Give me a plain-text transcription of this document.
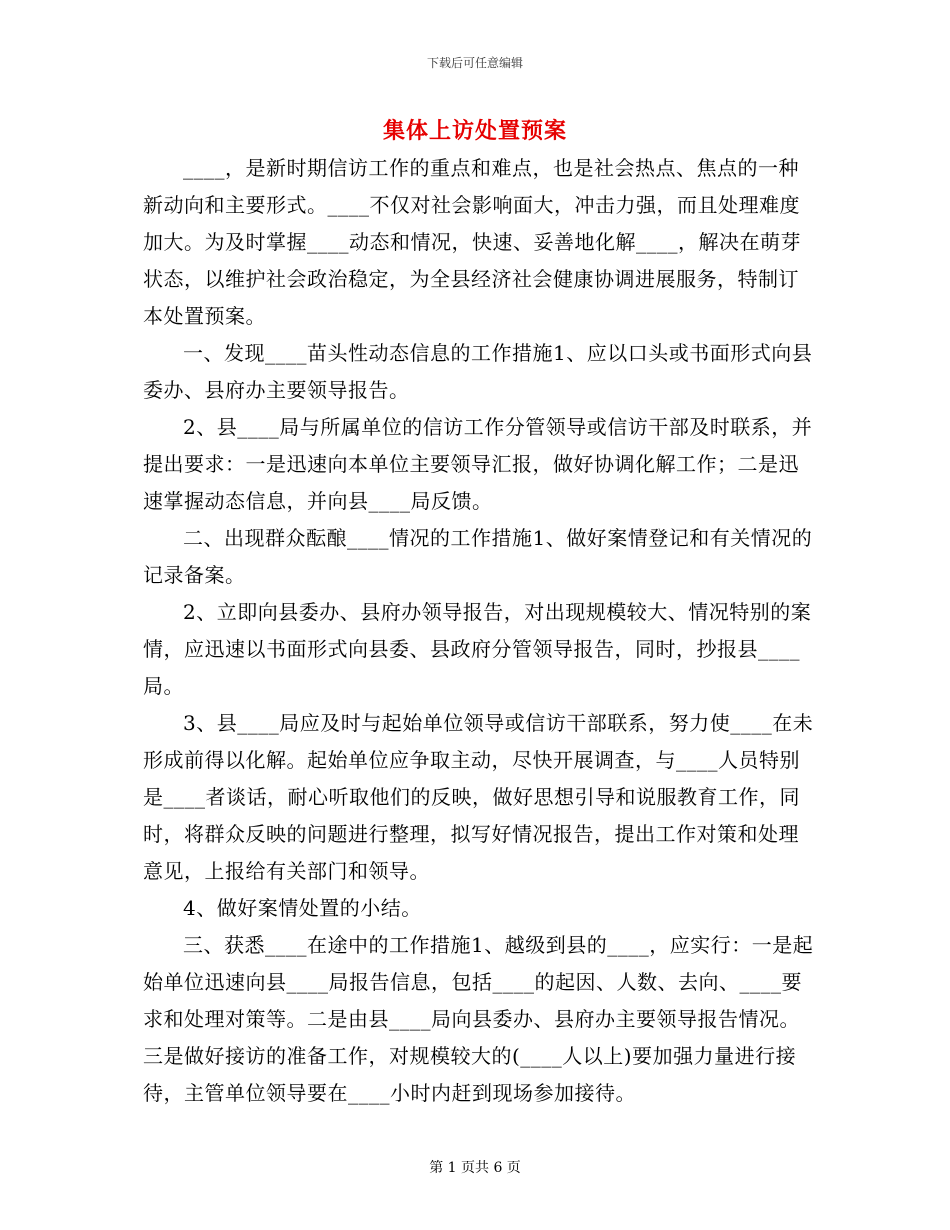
下载后可任意编辑
集体上访处置预案

____，是新时期信访工作的重点和难点，也是社会热点、焦点的一种新动向和主要形式。____不仅对社会影响面大，冲击力强，而且处理难度加大。为及时掌握____动态和情况，快速、妥善地化解____，解决在萌芽状态，以维护社会政治稳定，为全县经济社会健康协调进展服务，特制订本处置预案。

一、发现____苗头性动态信息的工作措施1、应以口头或书面形式向县委办、县府办主要领导报告。

2、县____局与所属单位的信访工作分管领导或信访干部及时联系，并提出要求：一是迅速向本单位主要领导汇报，做好协调化解工作；二是迅速掌握动态信息，并向县____局反馈。

二、出现群众酝酿____情况的工作措施1、做好案情登记和有关情况的记录备案。

2、立即向县委办、县府办领导报告，对出现规模较大、情况特别的案情，应迅速以书面形式向县委、县政府分管领导报告，同时，抄报县____局。

3、县____局应及时与起始单位领导或信访干部联系，努力使____在未形成前得以化解。起始单位应争取主动，尽快开展调查，与____人员特别是____者谈话，耐心听取他们的反映，做好思想引导和说服教育工作，同时，将群众反映的问题进行整理，拟写好情况报告，提出工作对策和处理意见，上报给有关部门和领导。

4、做好案情处置的小结。

三、获悉____在途中的工作措施1、越级到县的____，应实行：一是起始单位迅速向县____局报告信息，包括____的起因、人数、去向、____要求和处理对策等。二是由县____局向县委办、县府办主要领导报告情况。三是做好接访的准备工作，对规模较大的(____人以上)要加强力量进行接待，主管单位领导要在____小时内赶到现场参加接待。

第 1 页共 6 页
